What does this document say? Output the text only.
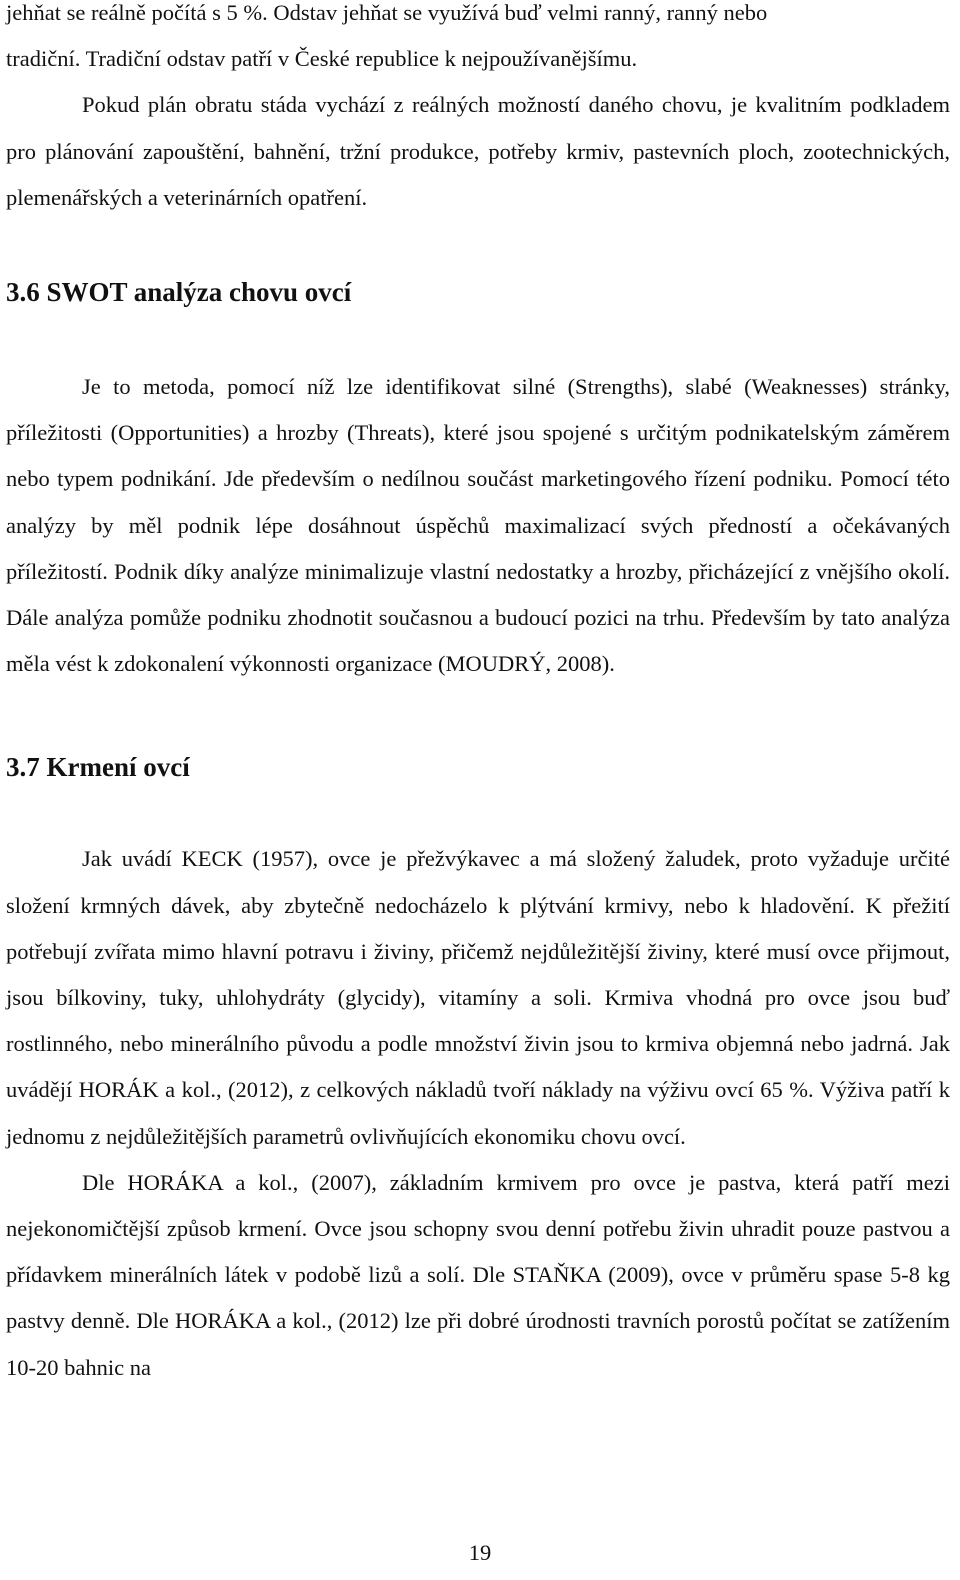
jehňat se reálně počítá s 5 %. Odstav jehňat se využívá buď velmi ranný, ranný nebo
tradiční. Tradiční odstav patří v České republice k nejpoužívanějšímu.

Pokud plán obratu stáda vychází z reálných možností daného chovu, je kvalitním podkladem pro plánování zapouštění, bahnění, tržní produkce, potřeby krmiv, pastevních ploch, zootechnických, plemenářských a veterinárních opatření.

3.6 SWOT analýza chovu ovcí

Je to metoda, pomocí níž lze identifikovat silné (Strengths), slabé (Weaknesses) stránky, příležitosti (Opportunities) a hrozby (Threats), které jsou spojené s určitým podnikatelským záměrem nebo typem podnikání. Jde především o nedílnou součást marketingového řízení podniku. Pomocí této analýzy by měl podnik lépe dosáhnout úspěchů maximalizací svých předností a očekávaných příležitostí. Podnik díky analýze minimalizuje vlastní nedostatky a hrozby, přicházející z vnějšího okolí. Dále analýza pomůže podniku zhodnotit současnou a budoucí pozici na trhu. Především by tato analýza měla vést k zdokonalení výkonnosti organizace (MOUDRÝ, 2008).

3.7 Krmení ovcí

Jak uvádí KECK (1957), ovce je přežvýkavec a má složený žaludek, proto vyžaduje určité složení krmných dávek, aby zbytečně nedocházelo k plýtvání krmivy, nebo k hladovění. K přežití potřebují zvířata mimo hlavní potravu i živiny, přičemž nejdůležitější živiny, které musí ovce přijmout, jsou bílkoviny, tuky, uhlohydráty (glycidy), vitamíny a soli. Krmiva vhodná pro ovce jsou buď rostlinného, nebo minerálního původu a podle množství živin jsou to krmiva objemná nebo jadrná. Jak uvádějí HORÁK a kol., (2012), z celkových nákladů tvoří náklady na výživu ovcí 65 %. Výživa patří k jednomu z nejdůležitějších parametrů ovlivňujících ekonomiku chovu ovcí.

Dle HORÁKA a kol., (2007), základním krmivem pro ovce je pastva, která patří mezi nejekonomičtější způsob krmení. Ovce jsou schopny svou denní potřebu živin uhradit pouze pastvou a přídavkem minerálních látek v podobě lizů a solí. Dle STAŇKA (2009), ovce v průměru spase 5-8 kg pastvy denně. Dle HORÁKA a kol., (2012) lze při dobré úrodnosti travních porostů počítat se zatížením 10-20 bahnic na

19
